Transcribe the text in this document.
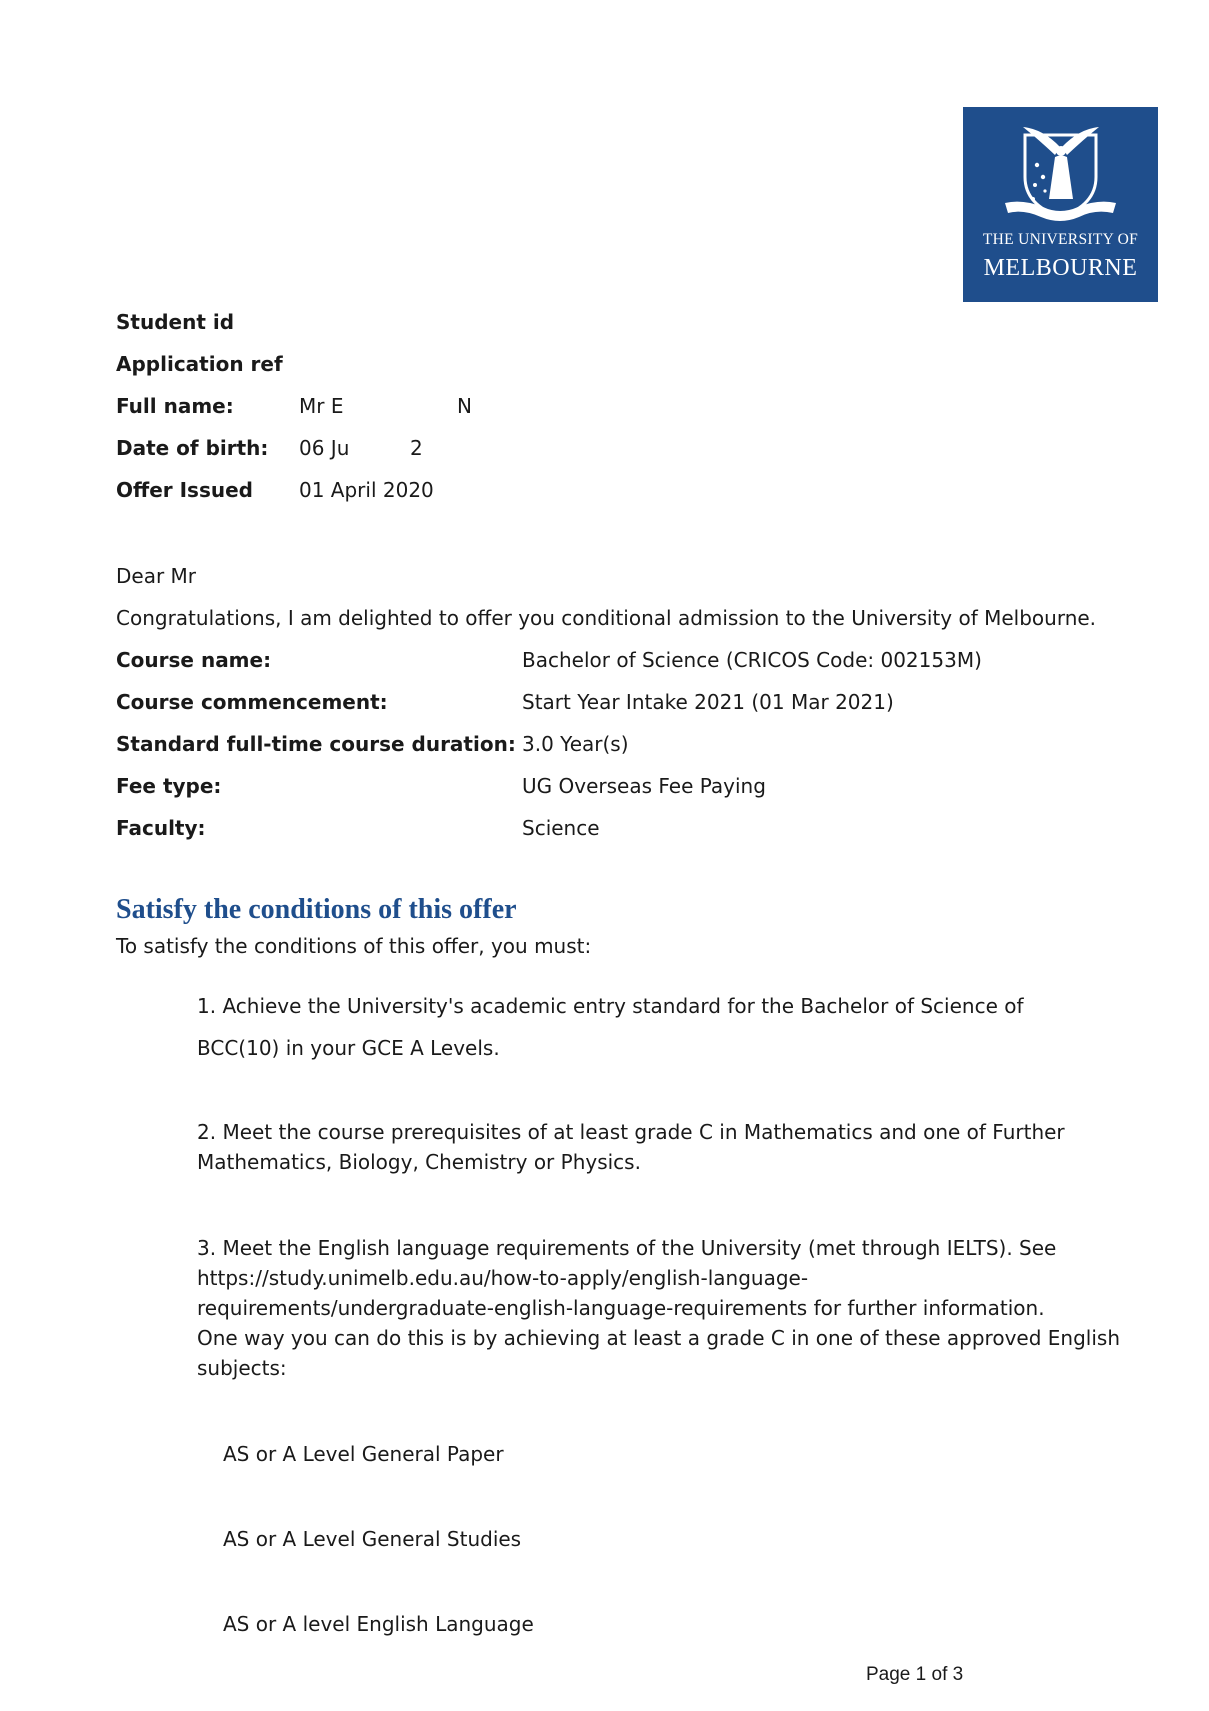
THE UNIVERSITY OF
MELBOURNE
Student id
Application ref
Full name:	Mr E	N
Date of birth: 06 Ju	2
Offer Issued 01 April 2020
Dear Mr
Congratulations, I am delighted to offer you conditional admission to the University of Melbourne.
Course name:	Bachelor of Science (CRICOS Code: 002153M)
Course commencement:	Start Year Intake 2021 (01 Mar 2021)
Standard full-time course duration: 3.0 Year(s)
Fee type:	UG Overseas Fee Paying
Faculty:	Science
Satisfy the conditions of this offer
To satisfy the conditions of this offer, you must:
1. Achieve the University's academic entry standard for the Bachelor of Science of
BCC(10) in your GCE A Levels.
2. Meet the course prerequisites of at least grade C in Mathematics and one of Further
Mathematics, Biology, Chemistry or Physics.
3. Meet the English language requirements of the University (met through IELTS). See
https://study.unimelb.edu.au/how-to-apply/english-language-
requirements/undergraduate-english-language-requirements for further information.
One way you can do this is by achieving at least a grade C in one of these approved English
subjects:
AS or A Level General Paper
AS or A Level General Studies
AS or A level English Language
Page 1 of 3
